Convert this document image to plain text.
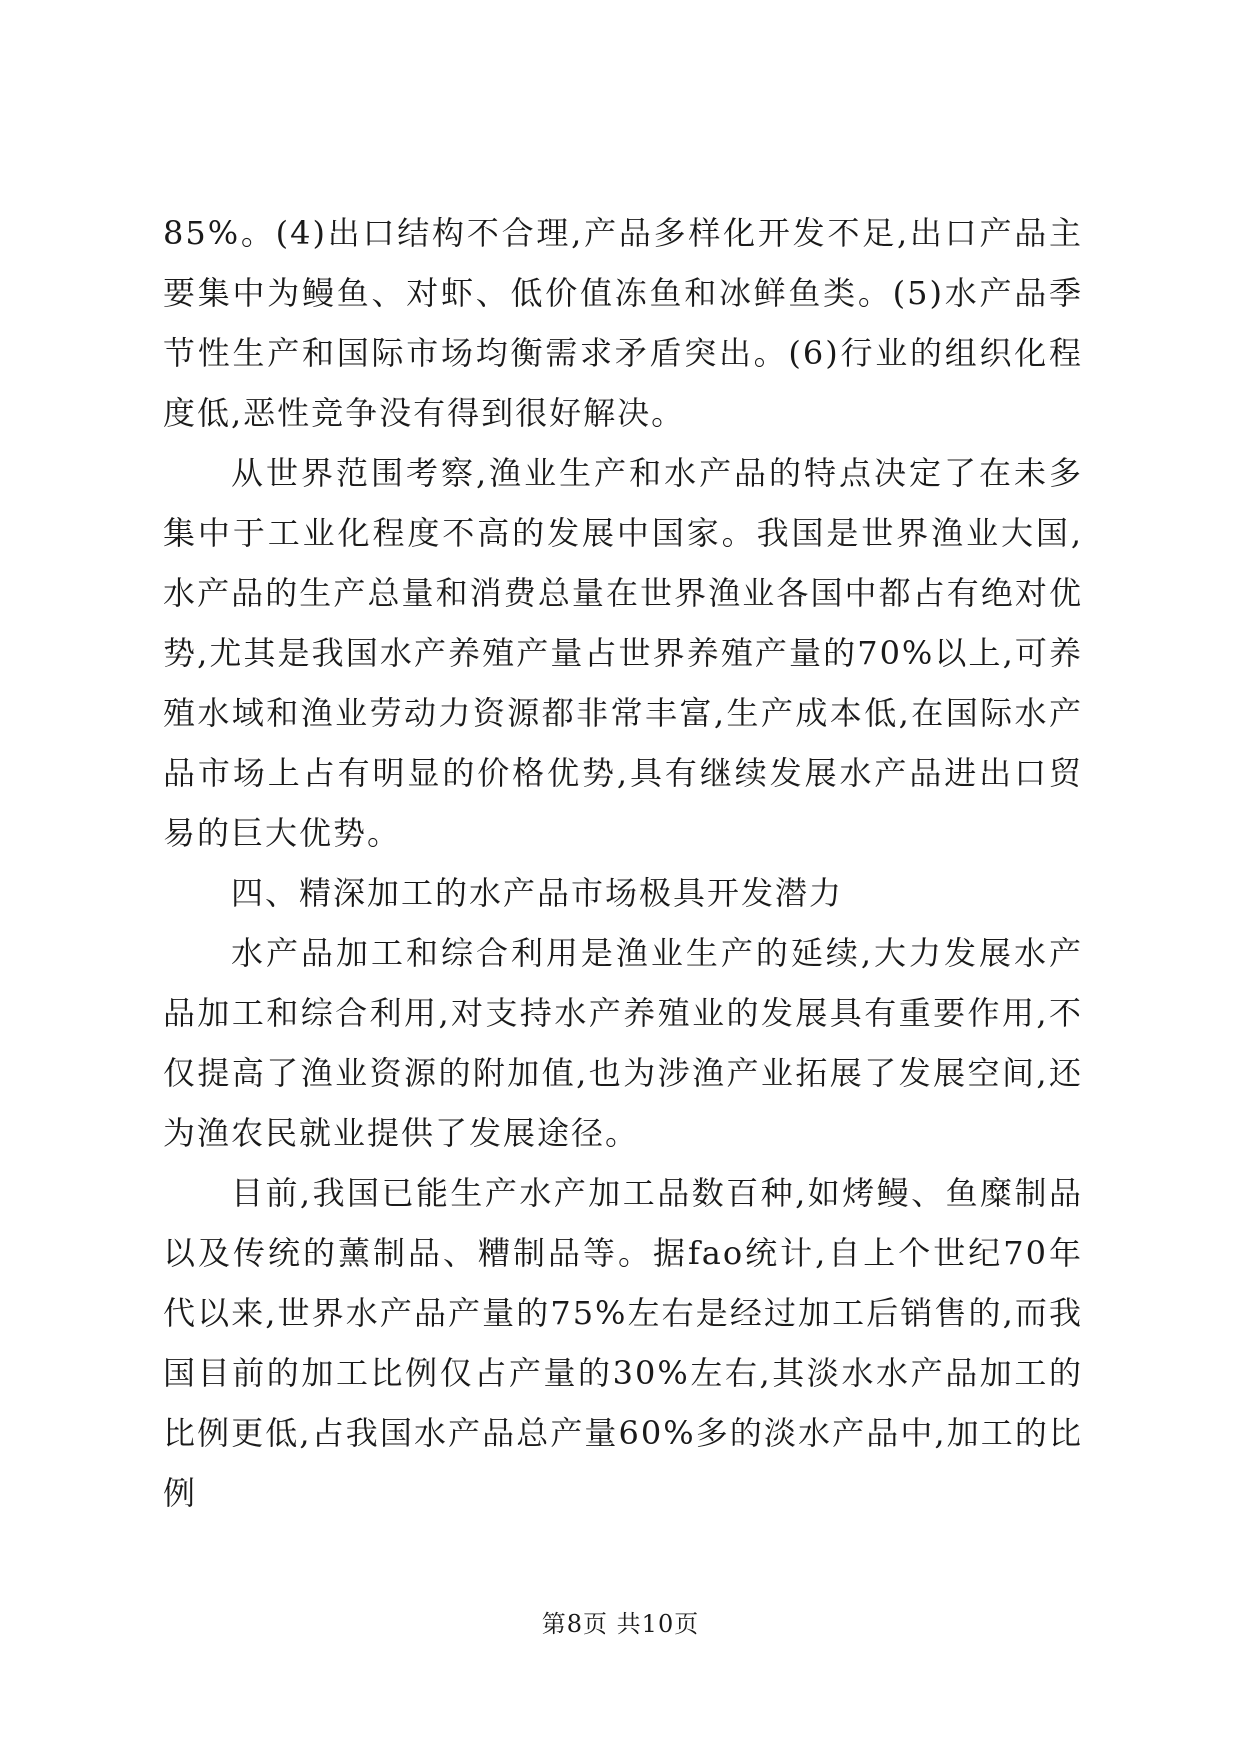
85%。(4)出口结构不合理,产品多样化开发不足,出口产品主要集中为鳗鱼、对虾、低价值冻鱼和冰鲜鱼类。(5)水产品季节性生产和国际市场均衡需求矛盾突出。(6)行业的组织化程度低,恶性竞争没有得到很好解决。

从世界范围考察,渔业生产和水产品的特点决定了在未多集中于工业化程度不高的发展中国家。我国是世界渔业大国,水产品的生产总量和消费总量在世界渔业各国中都占有绝对优势,尤其是我国水产养殖产量占世界养殖产量的70%以上,可养殖水域和渔业劳动力资源都非常丰富,生产成本低,在国际水产品市场上占有明显的价格优势,具有继续发展水产品进出口贸易的巨大优势。

四、精深加工的水产品市场极具开发潜力

水产品加工和综合利用是渔业生产的延续,大力发展水产品加工和综合利用,对支持水产养殖业的发展具有重要作用,不仅提高了渔业资源的附加值,也为涉渔产业拓展了发展空间,还为渔农民就业提供了发展途径。

目前,我国已能生产水产加工品数百种,如烤鳗、鱼糜制品以及传统的薰制品、糟制品等。据fao统计,自上个世纪70年代以来,世界水产品产量的75%左右是经过加工后销售的,而我国目前的加工比例仅占产量的30%左右,其淡水水产品加工的比例更低,占我国水产品总产量60%多的淡水产品中,加工的比例

第8页 共10页
